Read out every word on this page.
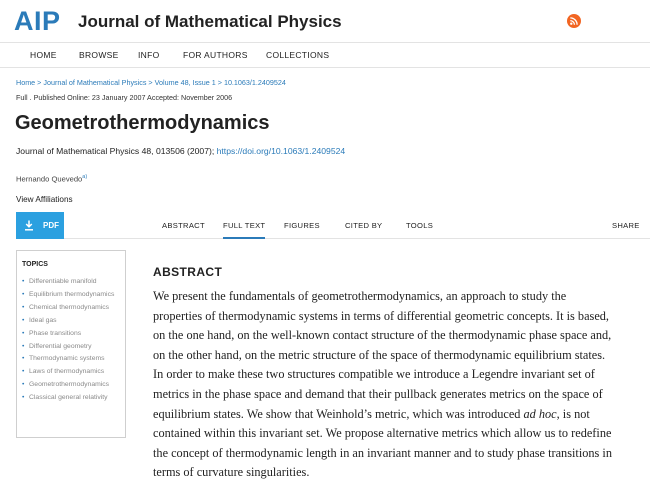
AIP Journal of Mathematical Physics
HOME	BROWSE INFO	FOR AUTHORS COLLECTIONS
Home > Journal of Mathematical Physics > Volume 48, Issue 1 > 10.1063/1.2409524
Full . Published Online: 23 January 2007 Accepted: November 2006
Geometrothermodynamics
Journal of Mathematical Physics 48, 013506 (2007); https://doi.org/10.1063/1.2409524
Hernando Quevedo$^{a)}$
View Affiliations
PDF	ABSTRACT FULL TEXT FIGURES	CITED BY	TOOLS	SHARE
TOPICS
• Differentiable manifold
• Equilibrium thermodynamics
• Chemical thermodynamics
• Ideal gas
• Phase transitions
• Differential geometry
• Thermodynamic systems
• Laws of thermodynamics
• Geometrothermodynamics
• Classical general relativity
ABSTRACT

We present the fundamentals of geometrothermodynamics, an approach to study the properties of thermodynamic systems in terms of differential geometric concepts. It is based, on the one hand, on the well-known contact structure of the thermodynamic phase space and, on the other hand, on the metric structure of the space of thermodynamic equilibrium states. In order to make these two structures compatible we introduce a Legendre invariant set of metrics in the phase space and demand that their pullback generates metrics on the space of equilibrium states. We show that Weinhold’s metric, which was introduced ad hoc, is not contained within this invariant set. We propose alternative metrics which allow us to redefine the concept of thermodynamic length in an invariant manner and to study phase transitions in terms of curvature singularities.
